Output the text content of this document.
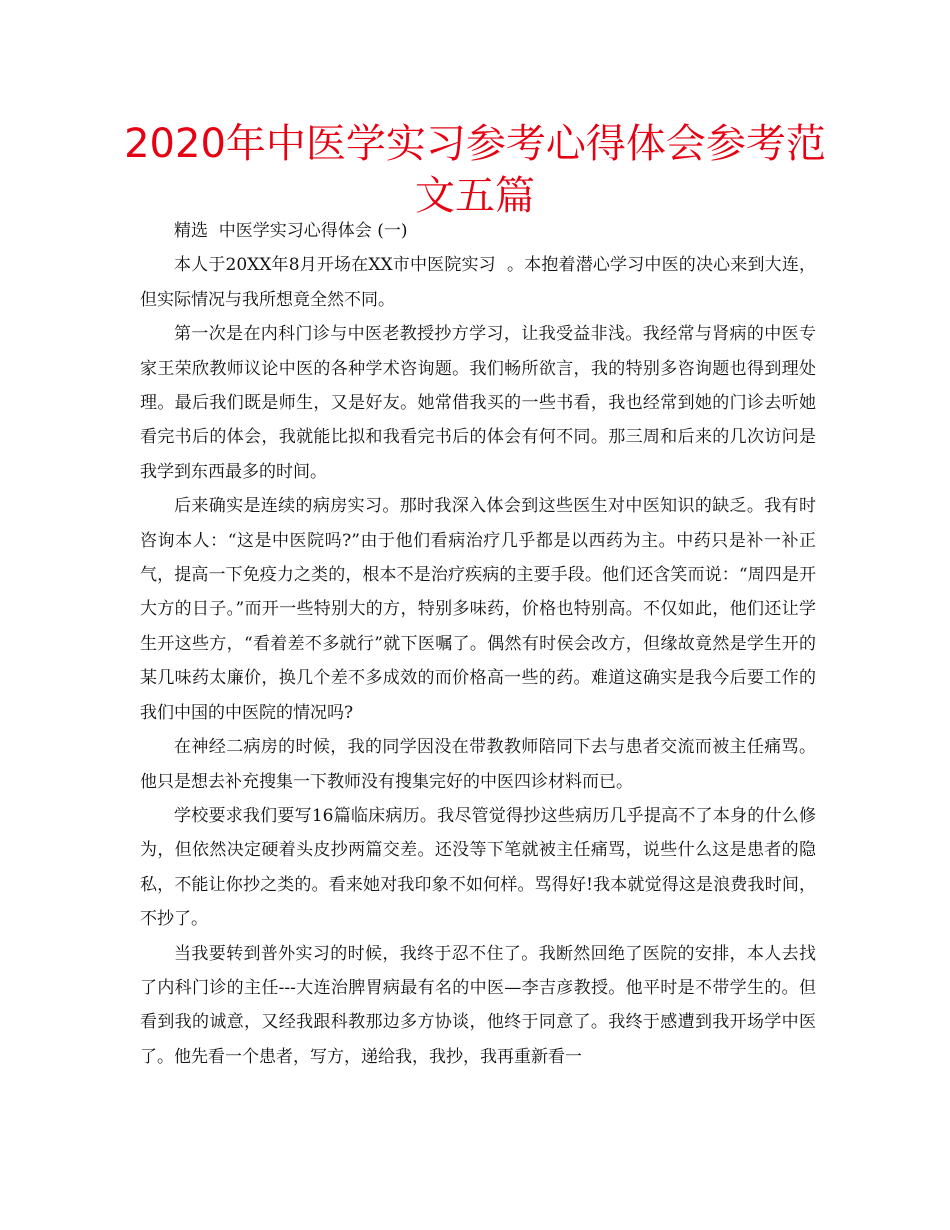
2020年中医学实习参考心得体会参考范文五篇

精选  中医学实习心得体会 (一)

本人于20XX年8月开场在XX市中医院实习  。本抱着潜心学习中医的决心来到大连，但实际情况与我所想竟全然不同。

第一次是在内科门诊与中医老教授抄方学习，让我受益非浅。我经常与肾病的中医专家王荣欣教师议论中医的各种学术咨询题。我们畅所欲言，我的特别多咨询题也得到理处理。最后我们既是师生，又是好友。她常借我买的一些书看，我也经常到她的门诊去听她看完书后的体会，我就能比拟和我看完书后的体会有何不同。那三周和后来的几次访问是我学到东西最多的时间。

后来确实是连续的病房实习。那时我深入体会到这些医生对中医知识的缺乏。我有时咨询本人：“这是中医院吗?”由于他们看病治疗几乎都是以西药为主。中药只是补一补正气，提高一下免疫力之类的，根本不是治疗疾病的主要手段。他们还含笑而说：“周四是开大方的日子。”而开一些特别大的方，特别多味药，价格也特别高。不仅如此，他们还让学生开这些方，“看着差不多就行”就下医嘱了。偶然有时侯会改方，但缘故竟然是学生开的某几味药太廉价，换几个差不多成效的而价格高一些的药。难道这确实是我今后要工作的我们中国的中医院的情况吗?

在神经二病房的时候，我的同学因没在带教教师陪同下去与患者交流而被主任痛骂。他只是想去补充搜集一下教师没有搜集完好的中医四诊材料而已。

学校要求我们要写16篇临床病历。我尽管觉得抄这些病历几乎提高不了本身的什么修为，但依然决定硬着头皮抄两篇交差。还没等下笔就被主任痛骂，说些什么这是患者的隐私，不能让你抄之类的。看来她对我印象不如何样。骂得好!我本就觉得这是浪费我时间，不抄了。

当我要转到普外实习的时候，我终于忍不住了。我断然回绝了医院的安排，本人去找了内科门诊的主任---大连治脾胃病最有名的中医—李吉彦教授。他平时是不带学生的。但看到我的诚意，又经我跟科教那边多方协谈，他终于同意了。我终于感遭到我开场学中医了。他先看一个患者，写方，递给我，我抄，我再重新看一
